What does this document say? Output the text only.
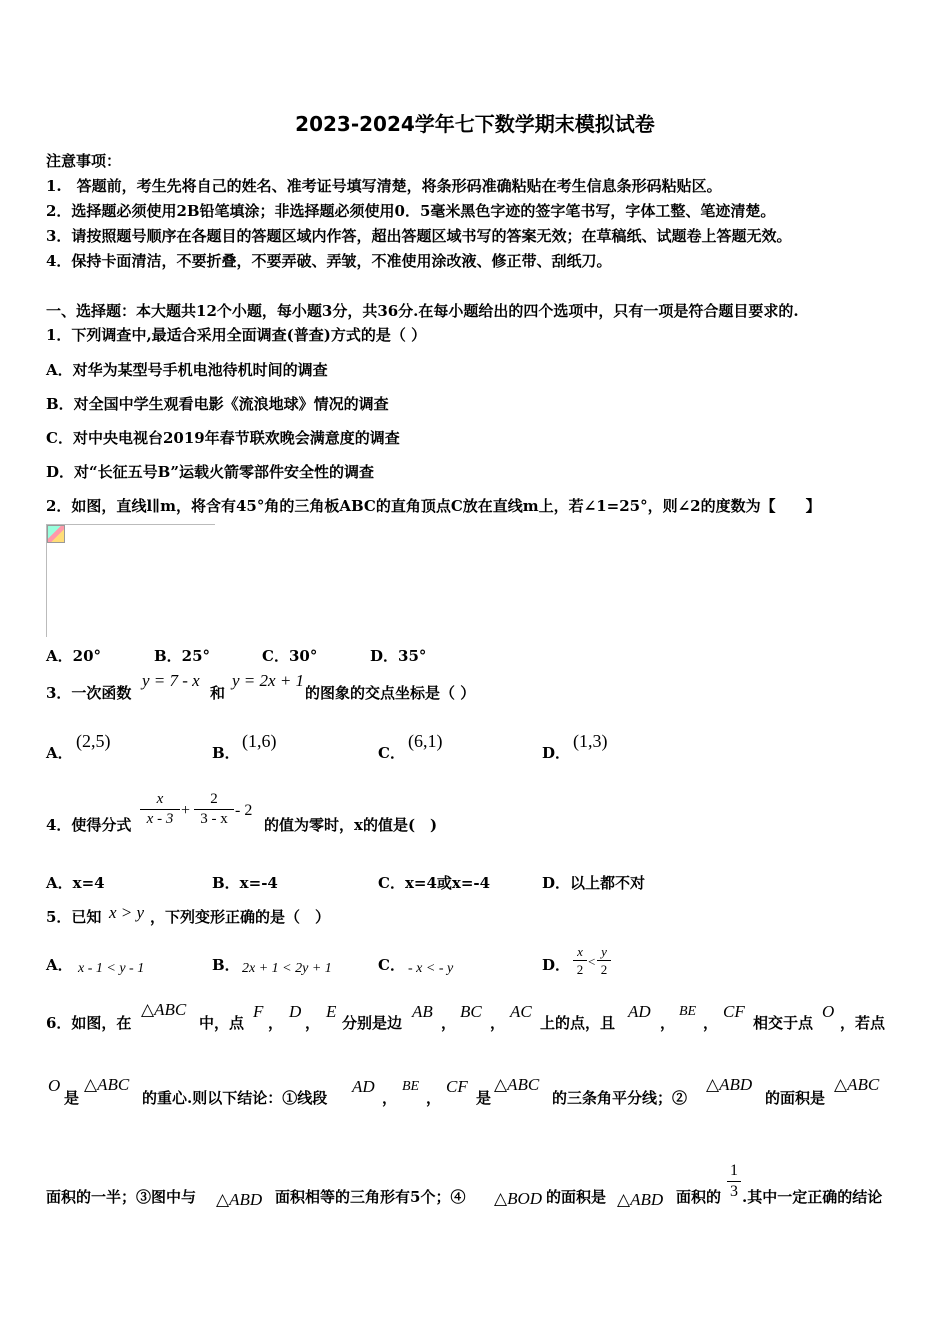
2023-2024学年七下数学期末模拟试卷
注意事项：
1.　答题前，考生先将自己的姓名、准考证号填写清楚，将条形码准确粘贴在考生信息条形码粘贴区。
2．选择题必须使用2B铅笔填涂；非选择题必须使用0．5毫米黑色字迹的签字笔书写，字体工整、笔迹清楚。
3．请按照题号顺序在各题目的答题区域内作答，超出答题区域书写的答案无效；在草稿纸、试题卷上答题无效。
4．保持卡面清洁，不要折叠，不要弄破、弄皱，不准使用涂改液、修正带、刮纸刀。
一、选择题：本大题共12个小题，每小题3分，共36分.在每小题给出的四个选项中，只有一项是符合题目要求的.
1．下列调查中,最适合采用全面调查(普查)方式的是（ ）
A．对华为某型号手机电池待机时间的调查
B．对全国中学生观看电影《流浪地球》情况的调查
C．对中央电视台2019年春节联欢晚会满意度的调查
D．对“长征五号B”运载火箭零部件安全性的调查
2．如图，直线l∥m，将含有45°角的三角板ABC的直角顶点C放在直线m上，若∠1=25°，则∠2的度数为【　　】
A．20°	B．25°	C．30°	D．35°
3．一次函数
y = 7 - x
和
y = 2x + 1
的图象的交点坐标是（ ）
A．
(2,5)
B．
(1,6)
C．
(6,1)
D．
(1,3)
4．使得分式 $\frac{x}{x - 3} + \frac{2}{3 - x} - 2$
的值为零时，x的值是(　)
A．x=4	B．x=-4	C．x=4或x=-4	D．以上都不对
5．已知 x > y ，下列变形正确的是（　）
A． x - 1 < y - 1	B． 2x + 1 < 2y + 1	C． - x < - y	D． $\frac{x}{2} < \frac{y}{2}$
6．如图，在
△ABC
中，点
F
，
D
，
E
分别是边
AB
，
BC
，
AC
上的点，且
AD
，
BE
，
CF
相交于点
O
，若点
O
是
△ABC
的重心.则以下结论：①线段
AD
，
BE
，
CF
是
△ABC
的三条角平分线；②
△ABD
的面积是
△ABC
面积的一半；③图中与 △ABD 面积相等的三角形有5个；④ △BOD 的面积是 △ABD 面积的 $\frac{1}{3}$ .其中一定正确的结论
